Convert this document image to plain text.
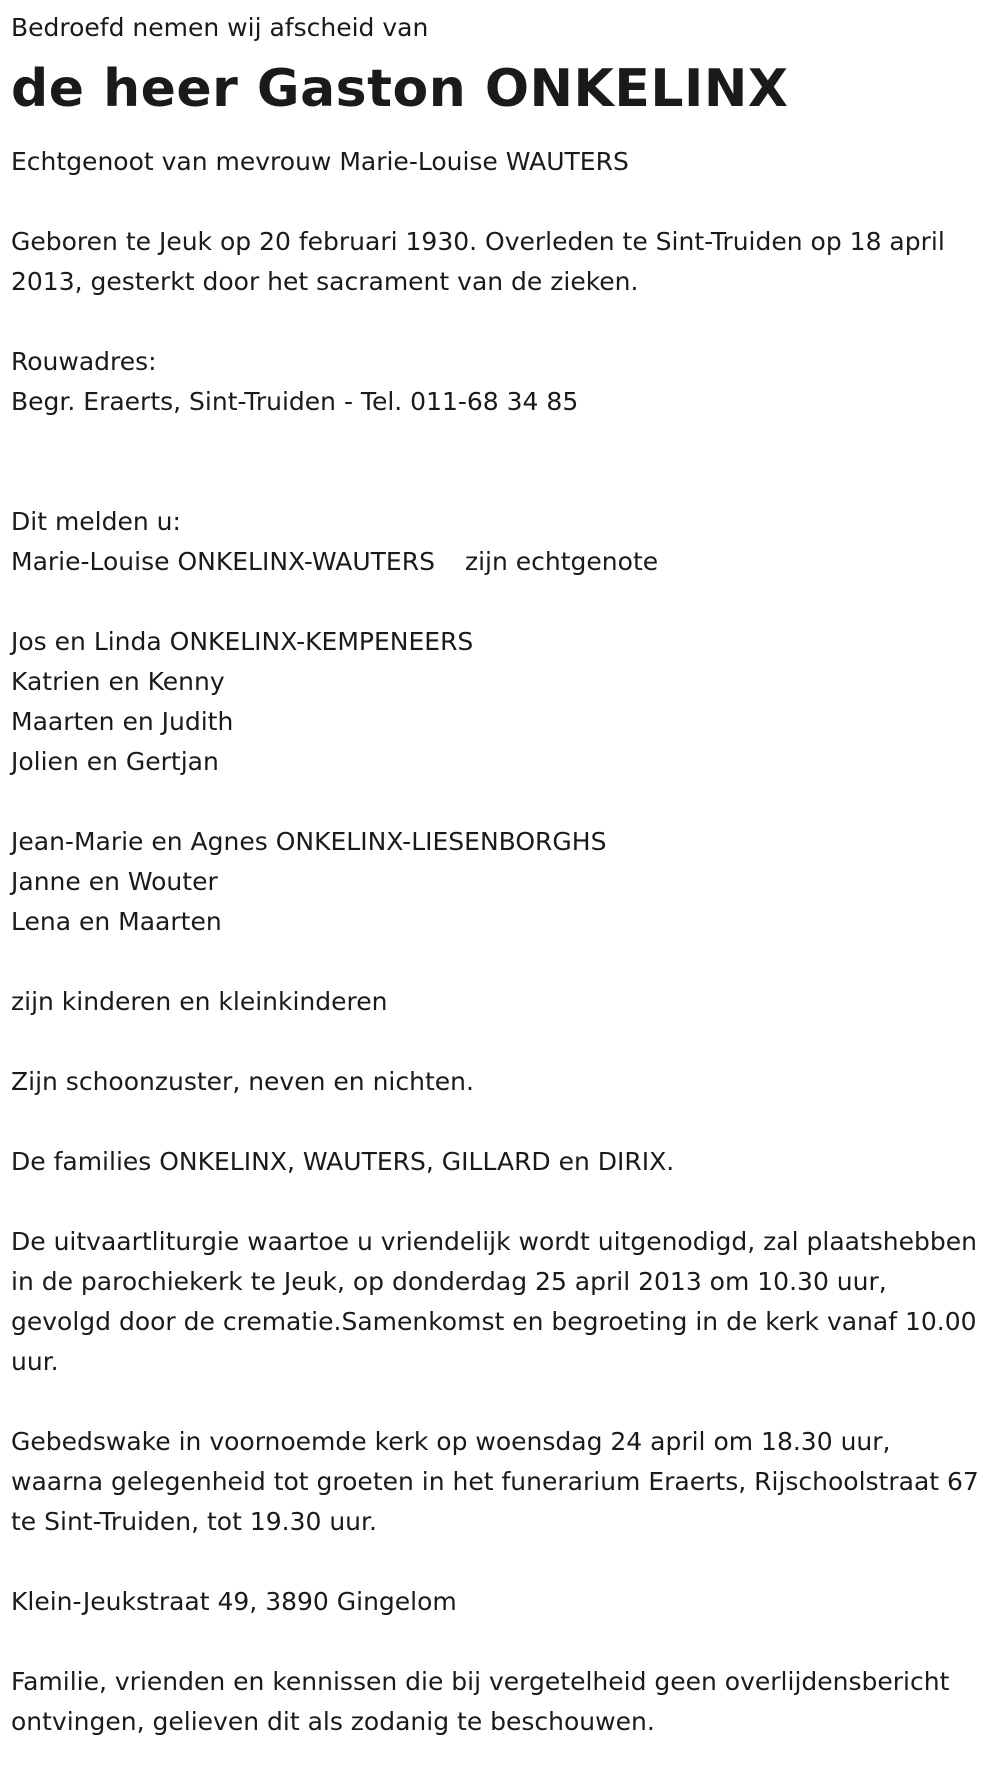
Bedroefd nemen wij afscheid van

de heer Gaston ONKELINX

Echtgenoot van mevrouw Marie-Louise WAUTERS

Geboren te Jeuk op 20 februari 1930. Overleden te Sint-Truiden op 18 april 2013, gesterkt door het sacrament van de zieken.

Rouwadres:

Begr. Eraerts, Sint-Truiden - Tel. 011-68 34 85

Dit melden u:

Marie-Louise ONKELINX-WAUTERS zijn echtgenote

Jos en Linda ONKELINX-KEMPENEERS

Katrien en Kenny

Maarten en Judith

Jolien en Gertjan

Jean-Marie en Agnes ONKELINX-LIESENBORGHS

Janne en Wouter

Lena en Maarten

zijn kinderen en kleinkinderen

Zijn schoonzuster, neven en nichten.

De families ONKELINX, WAUTERS, GILLARD en DIRIX.

De uitvaartliturgie waartoe u vriendelijk wordt uitgenodigd, zal plaatshebben in de parochiekerk te Jeuk, op donderdag 25 april 2013 om 10.30 uur, gevolgd door de crematie.Samenkomst en begroeting in de kerk vanaf 10.00 uur.

Gebedswake in voornoemde kerk op woensdag 24 april om 18.30 uur, waarna gelegenheid tot groeten in het funerarium Eraerts, Rijschoolstraat 67 te Sint-Truiden, tot 19.30 uur.

Klein-Jeukstraat 49, 3890 Gingelom

Familie, vrienden en kennissen die bij vergetelheid geen overlijdensbericht ontvingen, gelieven dit als zodanig te beschouwen.
